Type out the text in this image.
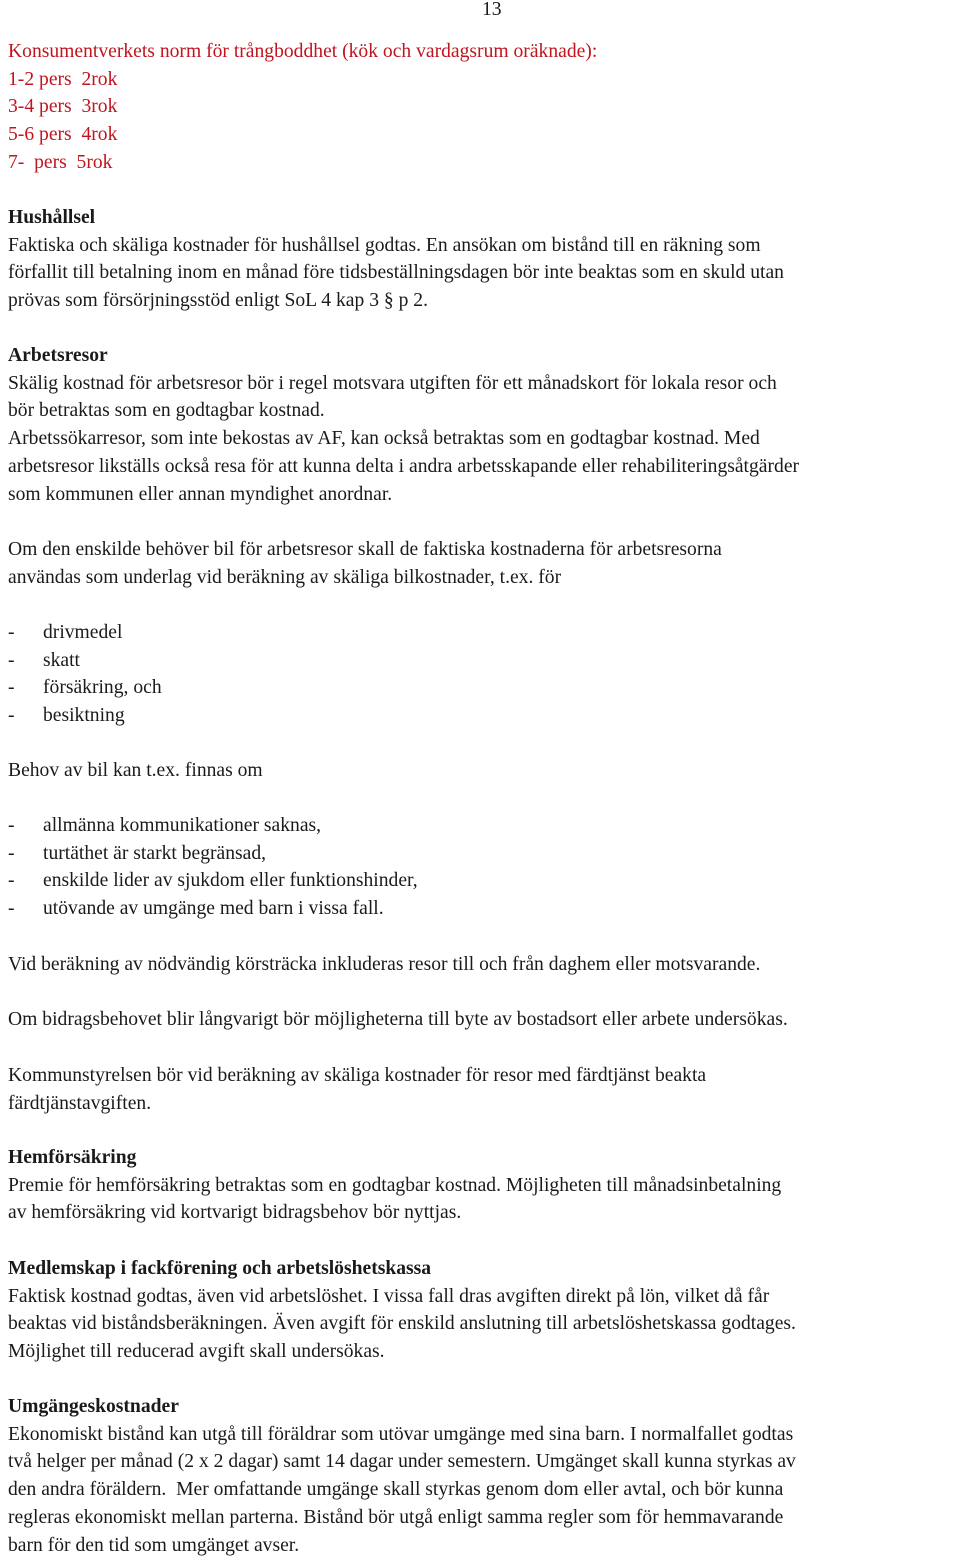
13
Konsumentverkets norm för trångboddhet (kök och vardagsrum oräknade):
1-2 pers  2rok
3-4 pers  3rok
5-6 pers  4rok
7-  pers  5rok
Hushållsel
Faktiska och skäliga kostnader för hushållsel godtas. En ansökan om bistånd till en räkning som
förfallit till betalning inom en månad före tidsbeställningsdagen bör inte beaktas som en skuld utan
prövas som försörjningsstöd enligt SoL 4 kap 3 § p 2.
Arbetsresor
Skälig kostnad för arbetsresor bör i regel motsvara utgiften för ett månadskort för lokala resor och
bör betraktas som en godtagbar kostnad.
Arbetssökarresor, som inte bekostas av AF, kan också betraktas som en godtagbar kostnad. Med
arbetsresor likställs också resa för att kunna delta i andra arbetsskapande eller rehabiliteringsåtgärder
som kommunen eller annan myndighet anordnar.
Om den enskilde behöver bil för arbetsresor skall de faktiska kostnaderna för arbetsresorna
användas som underlag vid beräkning av skäliga bilkostnader, t.ex. för
- drivmedel
- skatt
- försäkring, och
- besiktning
Behov av bil kan t.ex. finnas om
- allmänna kommunikationer saknas,
- turtäthet är starkt begränsad,
- enskilde lider av sjukdom eller funktionshinder,
- utövande av umgänge med barn i vissa fall.
Vid beräkning av nödvändig körsträcka inkluderas resor till och från daghem eller motsvarande.
Om bidragsbehovet blir långvarigt bör möjligheterna till byte av bostadsort eller arbete undersökas.
Kommunstyrelsen bör vid beräkning av skäliga kostnader för resor med färdtjänst beakta
färdtjänstavgiften.
Hemförsäkring
Premie för hemförsäkring betraktas som en godtagbar kostnad. Möjligheten till månadsinbetalning
av hemförsäkring vid kortvarigt bidragsbehov bör nyttjas.
Medlemskap i fackförening och arbetslöshetskassa
Faktisk kostnad godtas, även vid arbetslöshet. I vissa fall dras avgiften direkt på lön, vilket då får
beaktas vid biståndsberäkningen. Även avgift för enskild anslutning till arbetslöshetskassa godtages.
Möjlighet till reducerad avgift skall undersökas.
Umgängeskostnader
Ekonomiskt bistånd kan utgå till föräldrar som utövar umgänge med sina barn. I normalfallet godtas
två helger per månad (2 x 2 dagar) samt 14 dagar under semestern. Umgänget skall kunna styrkas av
den andra föräldern.  Mer omfattande umgänge skall styrkas genom dom eller avtal, och bör kunna
regleras ekonomiskt mellan parterna. Bistånd bör utgå enligt samma regler som för hemmavarande
barn för den tid som umgänget avser.
